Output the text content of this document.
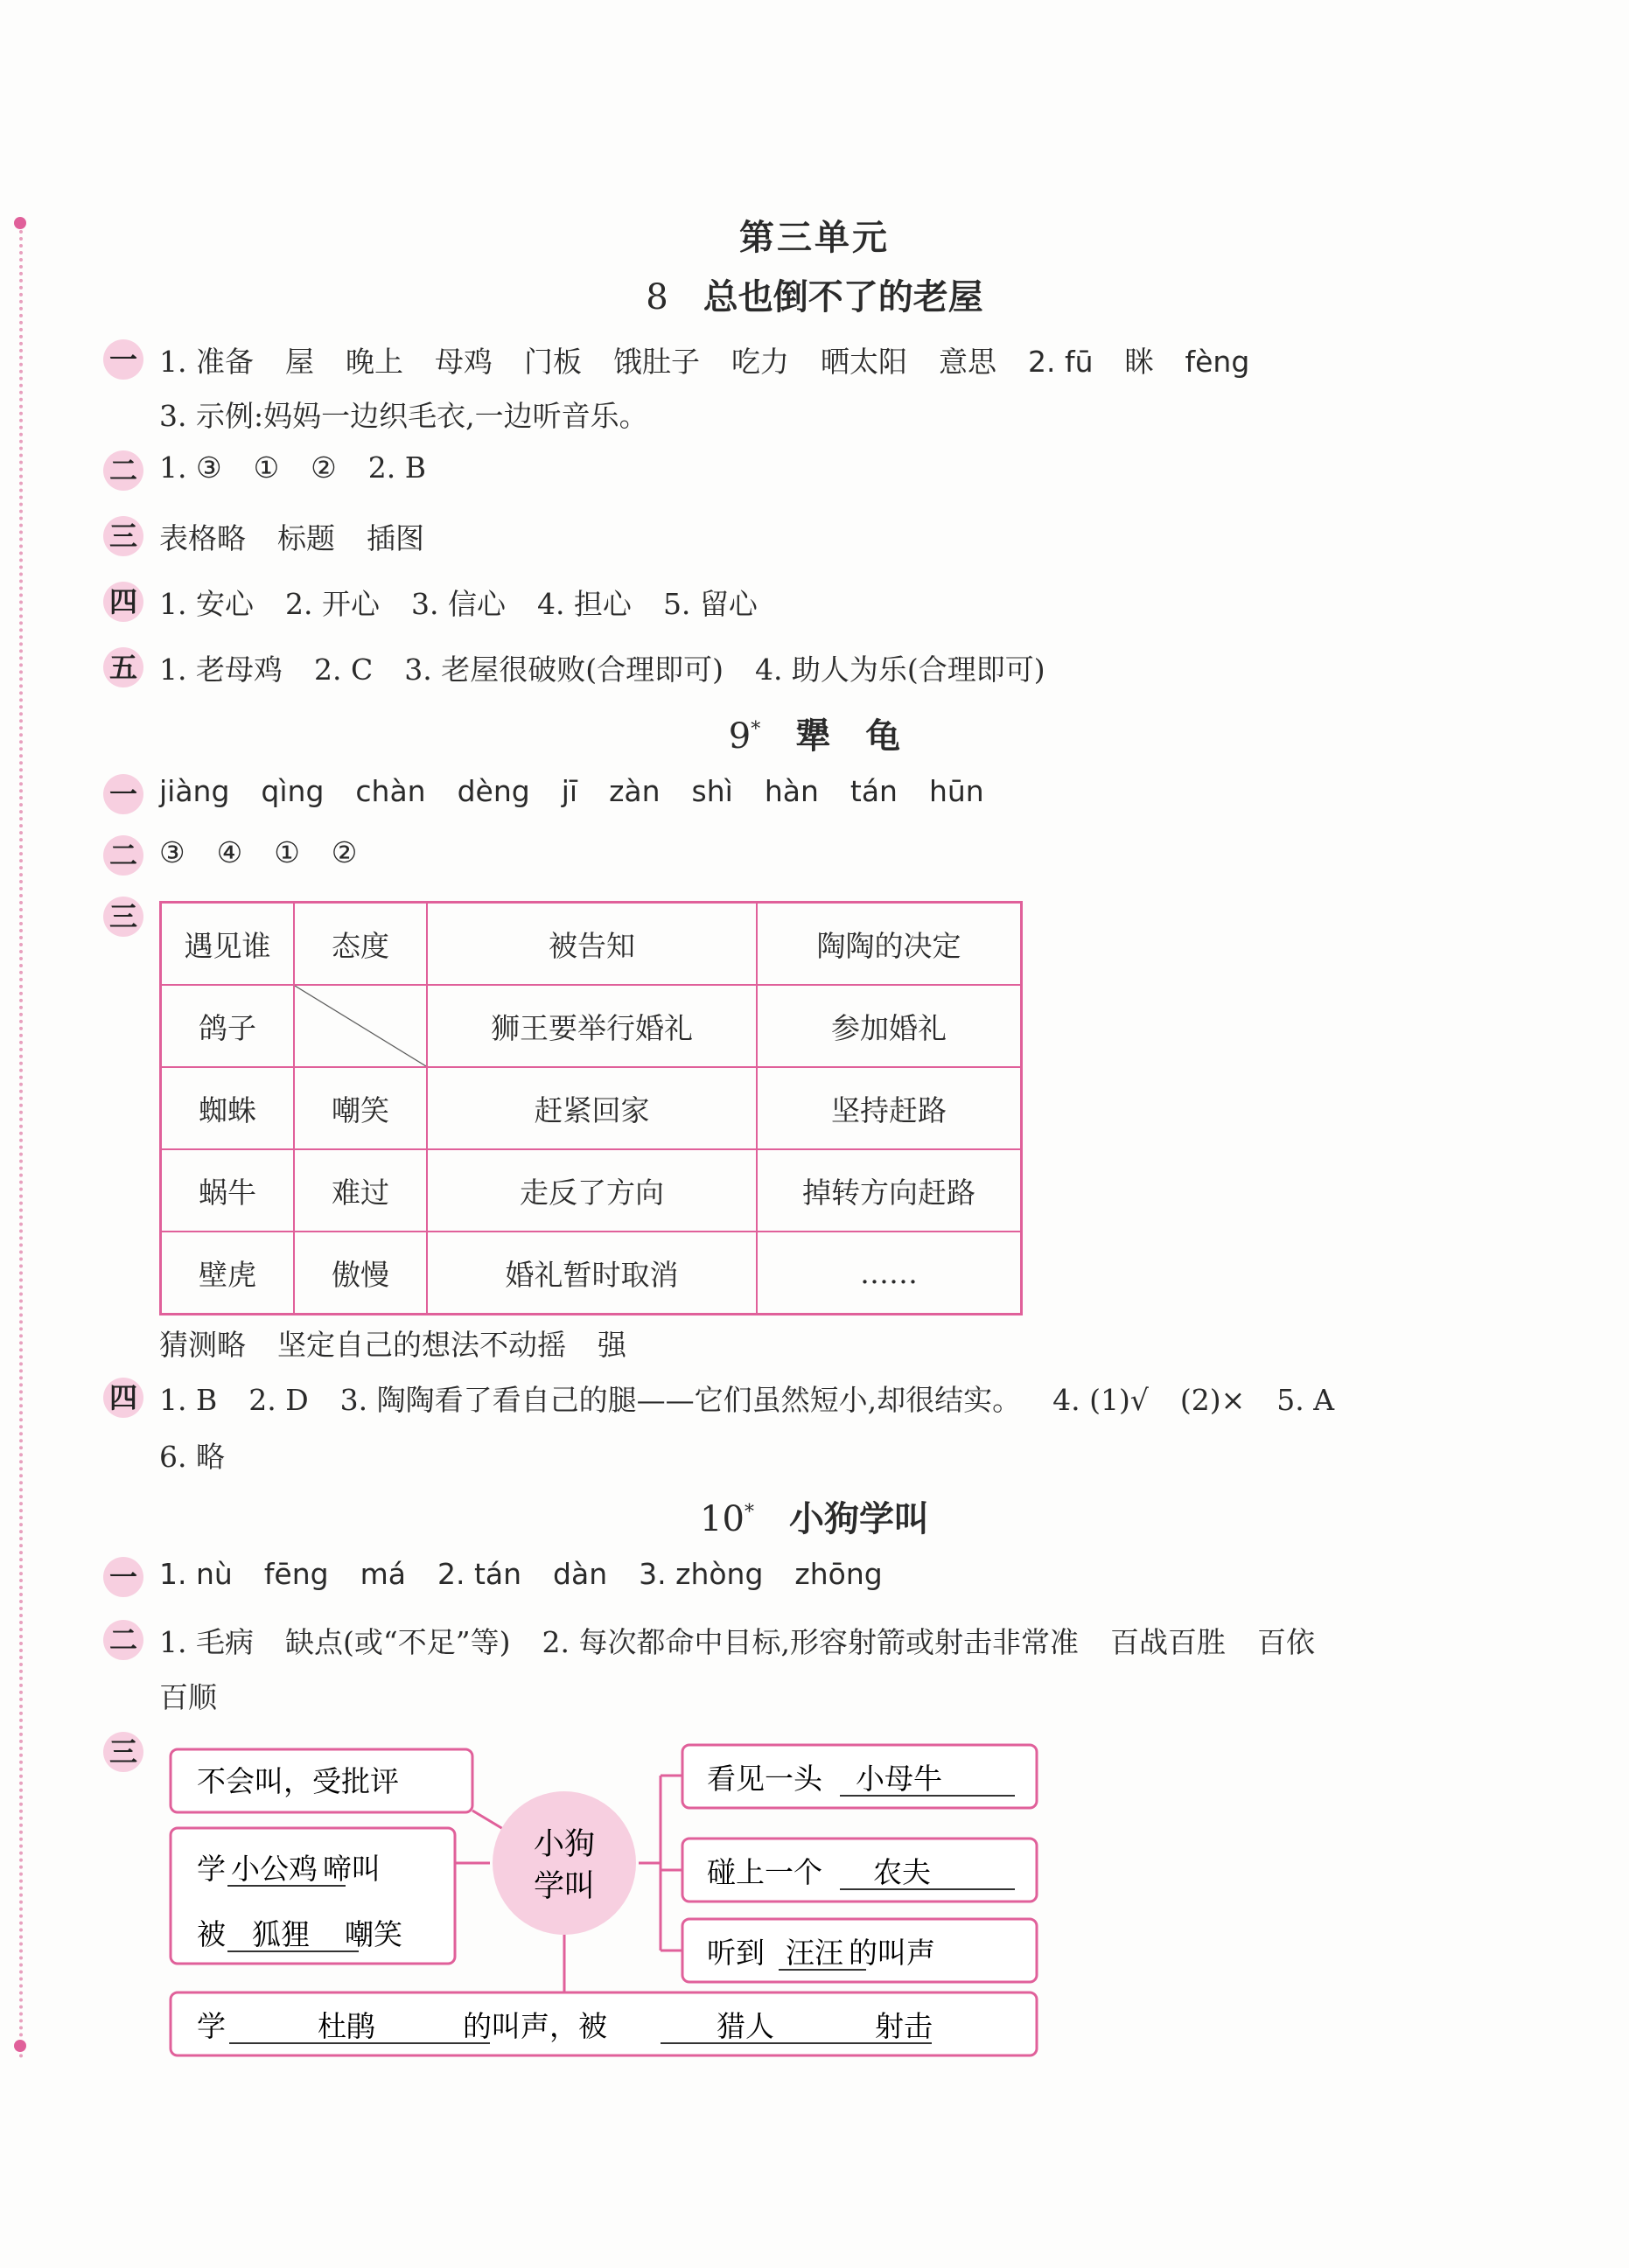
第三单元
8 总也倒不了的老屋
一 1. 准备 屋 晚上 母鸡 门板 饿肚子 吃力 晒太阳 意思 2. fū 眯 fèng
3. 示例:妈妈一边织毛衣,一边听音乐。
二 1. ③ ① ② 2. B
三 表格略 标题 插图
四 1. 安心 2. 开心 3. 信心 4. 担心 5. 留心
五 1. 老母鸡 2. C 3. 老屋很破败(合理即可) 4. 助人为乐(合理即可)
9* 犟　龟
一 jiàng qìng chàn dèng jī zàn shì hàn tán hūn
二 ③ ④ ① ②
三
遇见谁	态度	被告知	陶陶的决定
鸽子		狮王要举行婚礼	参加婚礼
蜘蛛	嘲笑	赶紧回家	坚持赶路
蜗牛	难过	走反了方向	掉转方向赶路
壁虎	傲慢	婚礼暂时取消	……
猜测略 坚定自己的想法不动摇 强
四 1. B 2. D 3. 陶陶看了看自己的腿——它们虽然短小,却很结实。 4. (1)√ (2)× 5. A
6. 略
10* 小狗学叫
一 1. nù fēng má 2. tán dàn 3. zhòng zhōng
二 1. 毛病 缺点(或“不足”等) 2. 每次都命中目标,形容射箭或射击非常准 百战百胜 百依
百顺
三
不会叫，受批评
学 小公鸡 啼叫
被 狐狸 嘲笑
小狗
学叫
看见一头 小母牛
碰上一个 农夫
听到 汪汪 的叫声
学	杜鹃	的叫声，被	猎人	射击
